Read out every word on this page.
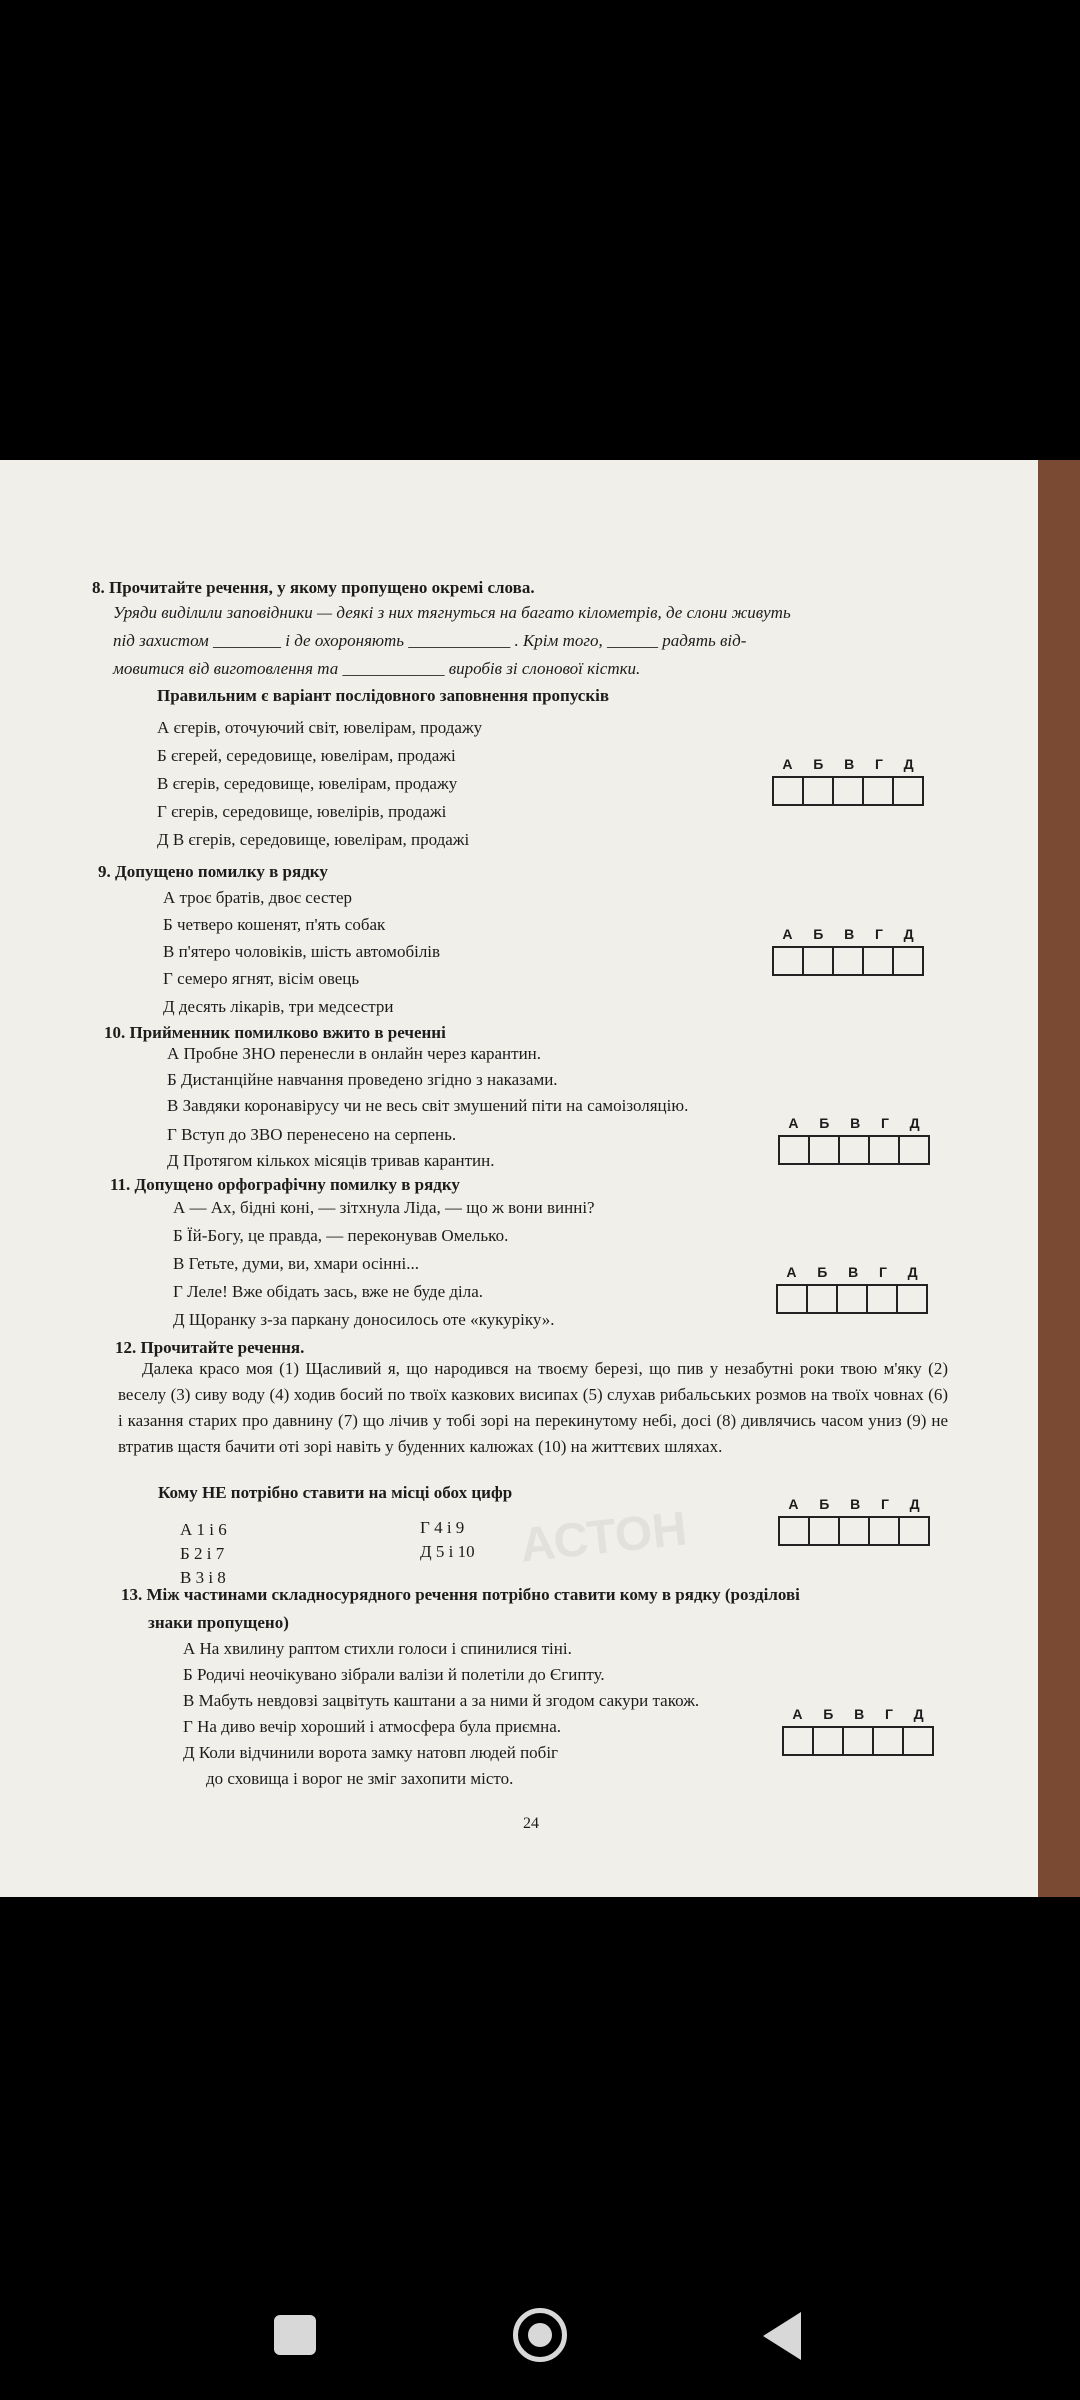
АСТОН
8. Прочитайте речення, у якому пропущено окремі слова.
Уряди виділили заповідники — деякі з них тягнуться на багато кілометрів, де слони живуть
під захистом ________ і де охороняють ____________ . Крім того, ______ радять від-
мовитися від виготовлення та ____________ виробів зі слонової кістки.
Правильним є варіант послідовного заповнення пропусків
А єгерів, оточуючий світ, ювелірам, продажу
Б єгерей, середовище, ювелірам, продажі
В єгерів, середовище, ювелірам, продажу
Г єгерів, середовище, ювелірів, продажі
Д В єгерів, середовище, ювелірам, продажі
А Б В Г Д
9. Допущено помилку в рядку
А троє братів, двоє сестер
Б четверо кошенят, п'ять собак
В п'ятеро чоловіків, шість автомобілів
Г семеро ягнят, вісім овець
Д десять лікарів, три медсестри
А Б В Г Д
10. Прийменник помилково вжито в реченні
А Пробне ЗНО перенесли в онлайн через карантин.
Б Дистанційне навчання проведено згідно з наказами.
В Завдяки коронавірусу чи не весь світ змушений піти на самоізоляцію.
Г Вступ до ЗВО перенесено на серпень.
Д Протягом кількох місяців тривав карантин.
А Б В Г Д
11. Допущено орфографічну помилку в рядку
А — Ах, бідні коні, — зітхнула Ліда, — що ж вони винні?
Б Їй-Богу, це правда, — переконував Омелько.
В Гетьте, думи, ви, хмари осінні...
Г Леле! Вже обідать зась, вже не буде діла.
Д Щоранку з-за паркану доносилось оте «кукуріку».
А Б В Г Д
12. Прочитайте речення.
Далека красо моя (1) Щасливий я, що народився на твоєму березі, що пив у незабутні роки твою м'яку (2) веселу (3) сиву воду (4) ходив босий по твоїх казкових висипах (5) слухав рибальських розмов на твоїх човнах (6) і казання старих про давнину (7) що лічив у тобі зорі на перекинутому небі, досі (8) дивлячись часом униз (9) не втратив щастя бачити оті зорі навіть у буденних калюжах (10) на життєвих шляхах.
Кому НЕ потрібно ставити на місці обох цифр
А 1 і 6
Б 2 і 7
В 3 і 8
Г 4 і 9
Д 5 і 10
А Б В Г Д
13. Між частинами складносурядного речення потрібно ставити кому в рядку (розділові
знаки пропущено)
А На хвилину раптом стихли голоси і спинилися тіні.
Б Родичі неочікувано зібрали валізи й полетіли до Єгипту.
В Мабуть невдовзі зацвітуть каштани а за ними й згодом сакури також.
Г На диво вечір хороший і атмосфера була приємна.
Д Коли відчинили ворота замку натовп людей побіг
до сховища і ворог не зміг захопити місто.
А Б В Г Д
24
